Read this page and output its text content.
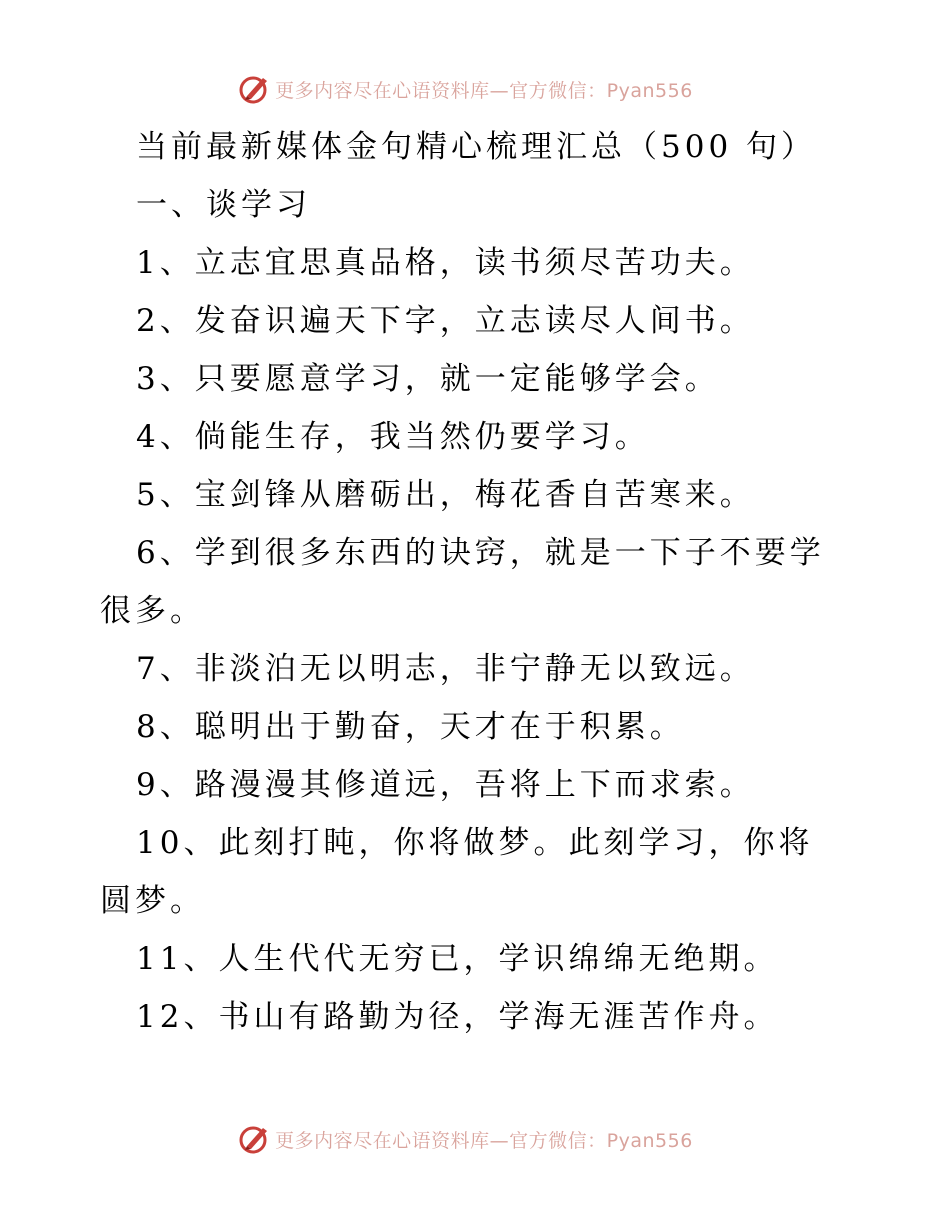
更多内容尽在心语资料库—官方微信：Pyan556
当前最新媒体金句精心梳理汇总（500 句）
一、谈学习
1、立志宜思真品格，读书须尽苦功夫。
2、发奋识遍天下字，立志读尽人间书。
3、只要愿意学习，就一定能够学会。
4、倘能生存，我当然仍要学习。
5、宝剑锋从磨砺出，梅花香自苦寒来。
6、学到很多东西的诀窍，就是一下子不要学很多。
7、非淡泊无以明志，非宁静无以致远。
8、聪明出于勤奋，天才在于积累。
9、路漫漫其修道远，吾将上下而求索。
10、此刻打盹，你将做梦。此刻学习，你将圆梦。
11、人生代代无穷已，学识绵绵无绝期。
12、书山有路勤为径，学海无涯苦作舟。
更多内容尽在心语资料库—官方微信：Pyan556
